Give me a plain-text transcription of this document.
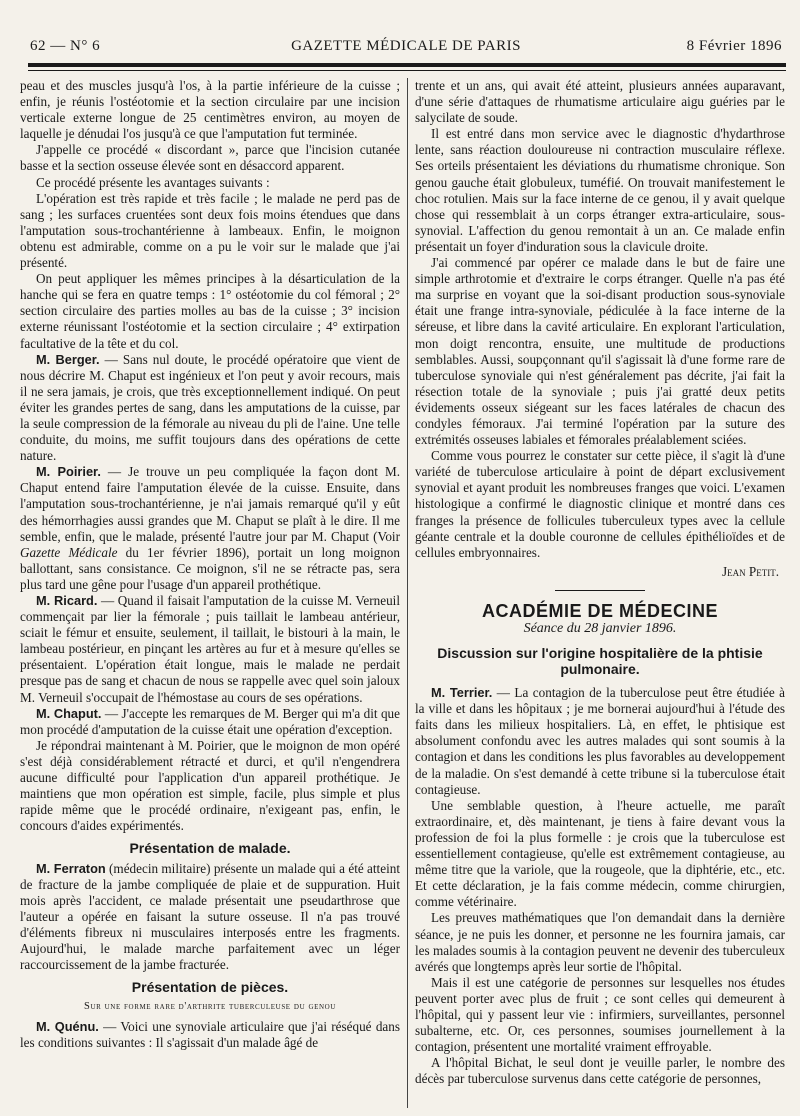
62 — N° 6	GAZETTE MÉDICALE DE PARIS	8 Février 1896

peau et des muscles jusqu'à l'os, à la partie inférieure de la cuisse ; enfin, je réunis l'ostéotomie et la section circulaire par une incision verticale externe longue de 25 centimètres environ, au moyen de laquelle je dénudai l'os jusqu'à ce que l'amputation fut terminée.

J'appelle ce procédé « discordant », parce que l'incision cutanée basse et la section osseuse élevée sont en désaccord apparent.

Ce procédé présente les avantages suivants :

L'opération est très rapide et très facile ; le malade ne perd pas de sang ; les surfaces cruentées sont deux fois moins étendues que dans l'amputation sous-trochantérienne à lambeaux. Enfin, le moignon obtenu est admirable, comme on a pu le voir sur le malade que j'ai présenté.

On peut appliquer les mêmes principes à la désarticulation de la hanche qui se fera en quatre temps : 1° ostéotomie du col fémoral ; 2° section circulaire des parties molles au bas de la cuisse ; 3° incision externe réunissant l'ostéotomie et la section circulaire ; 4° extirpation facultative de la tête et du col.

M. Berger. — Sans nul doute, le procédé opératoire que vient de nous décrire M. Chaput est ingénieux et l'on peut y avoir recours, mais il ne sera jamais, je crois, que très exceptionnellement indiqué. On peut éviter les grandes pertes de sang, dans les amputations de la cuisse, par la seule compression de la fémorale au niveau du pli de l'aine. Une telle conduite, du moins, me suffit toujours dans des opérations de cette nature.

M. Poirier. — Je trouve un peu compliquée la façon dont M. Chaput entend faire l'amputation élevée de la cuisse. Ensuite, dans l'amputation sous-trochantérienne, je n'ai jamais remarqué qu'il y eût des hémorrhagies aussi grandes que M. Chaput se plaît à le dire. Il me semble, enfin, que le malade, présenté l'autre jour par M. Chaput (Voir Gazette Médicale du 1er février 1896), portait un long moignon ballottant, sans consistance. Ce moignon, s'il ne se rétracte pas, sera plus tard une gêne pour l'usage d'un appareil prothétique.

M. Ricard. — Quand il faisait l'amputation de la cuisse M. Verneuil commençait par lier la fémorale ; puis taillait le lambeau antérieur, sciait le fémur et ensuite, seulement, il taillait, le bistouri à la main, le lambeau postérieur, en pinçant les artères au fur et à mesure qu'elles se présentaient. L'opération était longue, mais le malade ne perdait presque pas de sang et chacun de nous se rappelle avec quel soin jaloux M. Verneuil s'occupait de l'hémostase au cours de ses opérations.

M. Chaput. — J'accepte les remarques de M. Berger qui m'a dit que mon procédé d'amputation de la cuisse était une opération d'exception.

Je répondrai maintenant à M. Poirier, que le moignon de mon opéré s'est déjà considérablement rétracté et durci, et qu'il n'engendrera aucune difficulté pour l'application d'un appareil prothétique. Je maintiens que mon opération est simple, facile, plus simple et plus rapide même que le procédé ordinaire, n'exigeant pas, enfin, le concours d'aides expérimentés.

Présentation de malade.

M. Ferraton (médecin militaire) présente un malade qui a été atteint de fracture de la jambe compliquée de plaie et de suppuration. Huit mois après l'accident, ce malade présentait une pseudarthrose que l'auteur a opérée en faisant la suture osseuse. Il n'a pas trouvé d'éléments fibreux ni musculaires interposés entre les fragments. Aujourd'hui, le malade marche parfaitement avec un léger raccourcissement de la jambe fracturée.

Présentation de pièces.
Sur une forme rare d'arthrite tuberculeuse du genou

M. Quénu. — Voici une synoviale articulaire que j'ai réséqué dans les conditions suivantes : Il s'agissait d'un malade âgé de

trente et un ans, qui avait été atteint, plusieurs années auparavant, d'une série d'attaques de rhumatisme articulaire aigu guéries par le salycilate de soude.

Il est entré dans mon service avec le diagnostic d'hydarthrose lente, sans réaction douloureuse ni contraction musculaire réflexe. Ses orteils présentaient les déviations du rhumatisme chronique. Son genou gauche était globuleux, tuméfié. On trouvait manifestement le choc rotulien. Mais sur la face interne de ce genou, il y avait quelque chose qui ressemblait à un corps étranger extra-articulaire, sous-synovial. L'affection du genou remontait à un an. Ce malade enfin présentait un foyer d'induration sous la clavicule droite.

J'ai commencé par opérer ce malade dans le but de faire une simple arthrotomie et d'extraire le corps étranger. Quelle n'a pas été ma surprise en voyant que la soi-disant production sous-synoviale était une frange intra-synoviale, pédiculée à la face interne de la séreuse, et libre dans la cavité articulaire. En explorant l'articulation, mon doigt rencontra, ensuite, une multitude de productions semblables. Aussi, soupçonnant qu'il s'agissait là d'une forme rare de tuberculose synoviale qui n'est généralement pas décrite, j'ai fait la résection totale de la synoviale ; puis j'ai gratté deux petits évidements osseux siégeant sur les faces latérales de chacun des condyles fémoraux. J'ai terminé l'opération par la suture des extrémités osseuses labiales et fémorales préalablement sciées.

Comme vous pourrez le constater sur cette pièce, il s'agit là d'une variété de tuberculose articulaire à point de départ exclusivement synovial et ayant produit les nombreuses franges que voici. L'examen histologique a confirmé le diagnostic clinique et montré dans ces franges la présence de follicules tuberculeux types avec la cellule géante centrale et la double couronne de cellules épithélioïdes et de cellules embryonnaires.

Jean Petit.
ACADÉMIE DE MÉDECINE
Séance du 28 janvier 1896.
Discussion sur l'origine hospitalière de la phtisie pulmonaire.

M. Terrier. — La contagion de la tuberculose peut être étudiée à la ville et dans les hôpitaux ; je me bornerai aujourd'hui à l'étude des faits dans les milieux hospitaliers. Là, en effet, le phtisique est absolument confondu avec les autres malades qui sont soumis à la contagion et dans les conditions les plus favorables au developpement de la maladie. On s'est demandé à cette tribune si la tuberculose était contagieuse.

Une semblable question, à l'heure actuelle, me paraît extraordinaire, et, dès maintenant, je tiens à faire devant vous la profession de foi la plus formelle : je crois que la tuberculose est essentiellement contagieuse, qu'elle est extrêmement contagieuse, au même titre que la variole, que la rougeole, que la diphtérie, etc., etc. Et cette déclaration, je la fais comme médecin, comme chirurgien, comme vétérinaire.

Les preuves mathématiques que l'on demandait dans la dernière séance, je ne puis les donner, et personne ne les fournira jamais, car les malades soumis à la contagion peuvent ne devenir des tuberculeux avérés que longtemps après leur sortie de l'hôpital.

Mais il est une catégorie de personnes sur lesquelles nos études peuvent porter avec plus de fruit ; ce sont celles qui demeurent à l'hôpital, qui y passent leur vie : infirmiers, surveillantes, personnel subalterne, etc. Or, ces personnes, soumises journellement à la contagion, présentent une mortalité vraiment effroyable.

A l'hôpital Bichat, le seul dont je veuille parler, le nombre des décès par tuberculose survenus dans cette catégorie de personnes,
